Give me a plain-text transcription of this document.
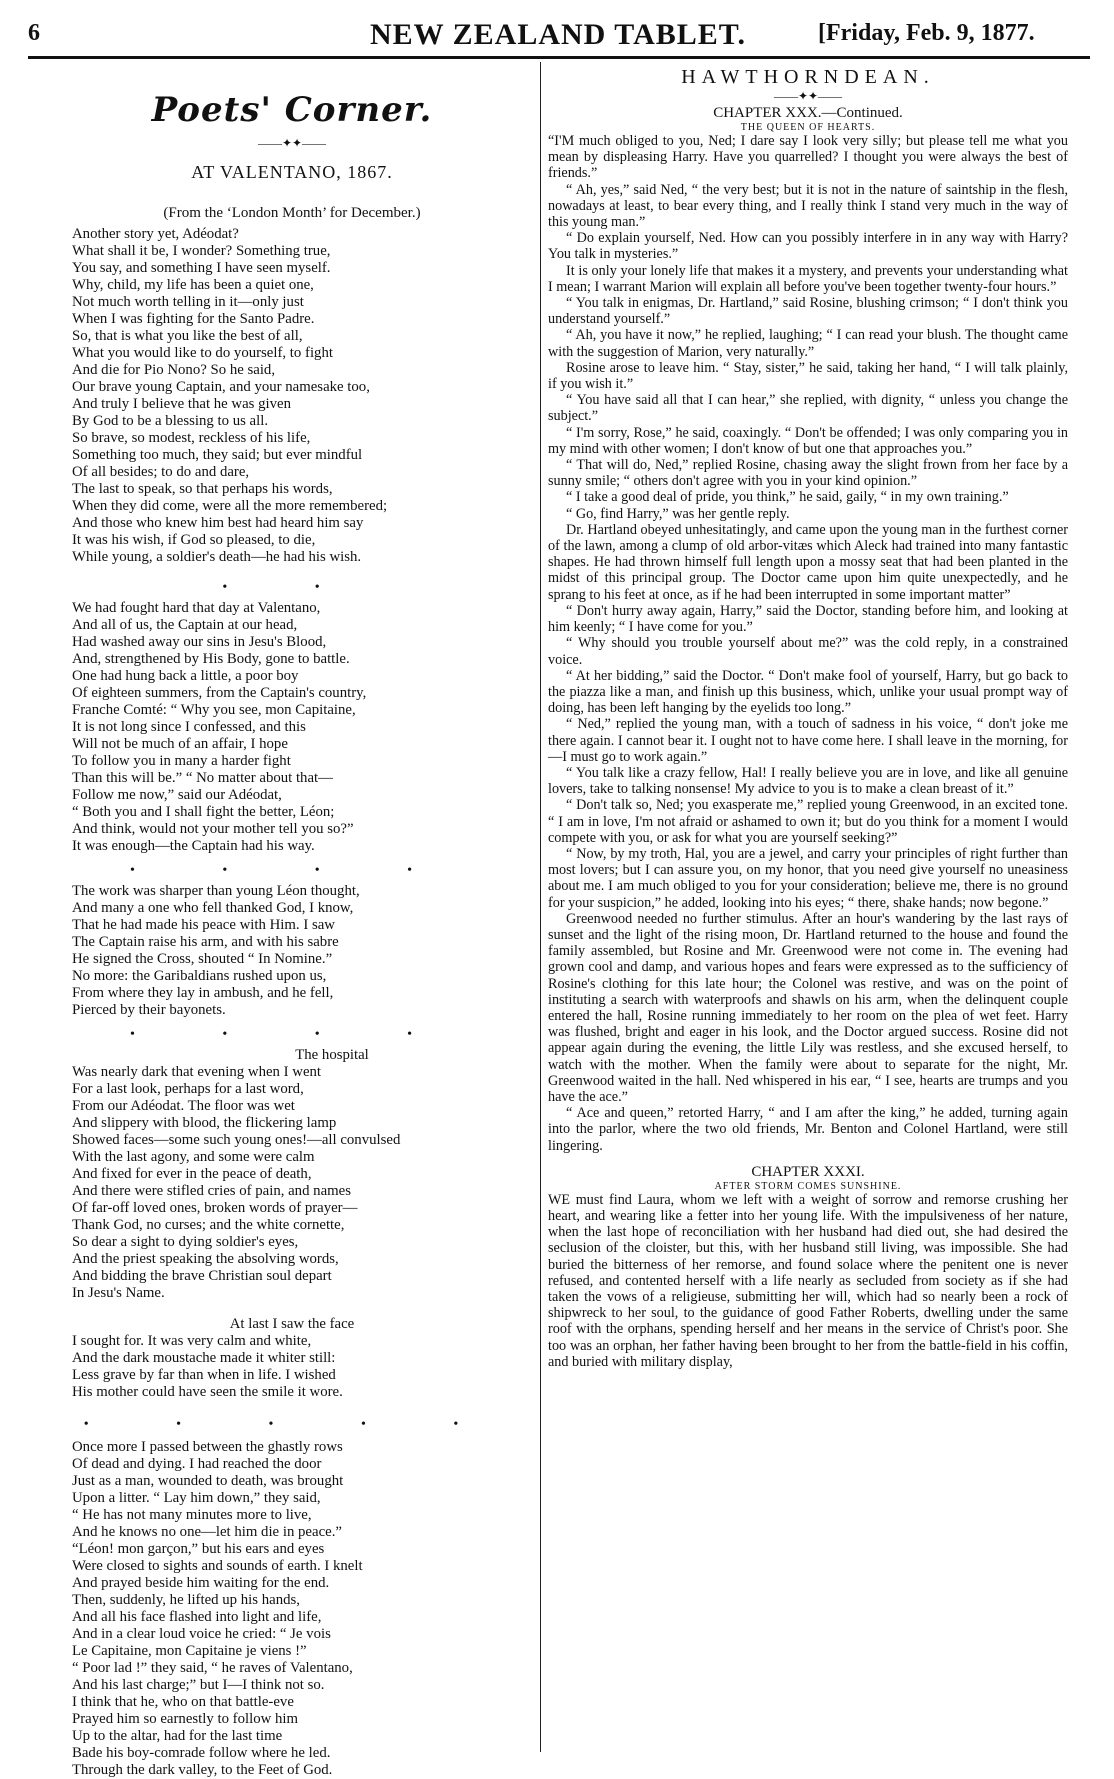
6	NEW ZEALAND TABLET.	[Friday, Feb. 9, 1877.
Poets' Corner.
——✦✦——
AT VALENTANO, 1867.
(From the ‘London Month’ for December.)
Another story yet, Adéodat?
What shall it be, I wonder? Something true,
You say, and something I have seen myself.
Why, child, my life has been a quiet one,
Not much worth telling in it—only just
When I was fighting for the Santo Padre.
So, that is what you like the best of all,
What you would like to do yourself, to fight
And die for Pio Nono? So he said,
Our brave young Captain, and your namesake too,
And truly I believe that he was given
By God to be a blessing to us all.
So brave, so modest, reckless of his life,
Something too much, they said; but ever mindful
Of all besides; to do and dare,
The last to speak, so that perhaps his words,
When they did come, were all the more remembered;
And those who knew him best had heard him say
It was his wish, if God so pleased, to die,
While young, a soldier's death—he had his wish.
• •
We had fought hard that day at Valentano,
And all of us, the Captain at our head,
Had washed away our sins in Jesu's Blood,
And, strengthened by His Body, gone to battle.
One had hung back a little, a poor boy
Of eighteen summers, from the Captain's country,
Franche Comté: “ Why you see, mon Capitaine,
It is not long since I confessed, and this
Will not be much of an affair, I hope
To follow you in many a harder fight
Than this will be.” “ No matter about that—
Follow me now,” said our Adéodat,
“ Both you and I shall fight the better, Léon;
And think, would not your mother tell you so?”
It was enough—the Captain had his way.
• • • •
The work was sharper than young Léon thought,
And many a one who fell thanked God, I know,
That he had made his peace with Him. I saw
The Captain raise his arm, and with his sabre
He signed the Cross, shouted “ In Nomine.”
No more: the Garibaldians rushed upon us,
From where they lay in ambush, and he fell,
Pierced by their bayonets.
• • • •
The hospital
Was nearly dark that evening when I went
For a last look, perhaps for a last word,
From our Adéodat. The floor was wet
And slippery with blood, the flickering lamp
Showed faces—some such young ones!—all convulsed
With the last agony, and some were calm
And fixed for ever in the peace of death,
And there were stifled cries of pain, and names
Of far-off loved ones, broken words of prayer—
Thank God, no curses; and the white cornette,
So dear a sight to dying soldier's eyes,
And the priest speaking the absolving words,
And bidding the brave Christian soul depart
In Jesu's Name.
At last I saw the face
I sought for. It was very calm and white,
And the dark moustache made it whiter still:
Less grave by far than when in life. I wished
His mother could have seen the smile it wore.
• • • • •
Once more I passed between the ghastly rows
Of dead and dying. I had reached the door
Just as a man, wounded to death, was brought
Upon a litter. “ Lay him down,” they said,
“ He has not many minutes more to live,
And he knows no one—let him die in peace.”
“Léon! mon garçon,” but his ears and eyes
Were closed to sights and sounds of earth. I knelt
And prayed beside him waiting for the end.
Then, suddenly, he lifted up his hands,
And all his face flashed into light and life,
And in a clear loud voice he cried: “ Je vois
Le Capitaine, mon Capitaine je viens !”
“ Poor lad !” they said, “ he raves of Valentano,
And his last charge;” but I—I think not so.
I think that he, who on that battle-eve
Prayed him so earnestly to follow him
Up to the altar, had for the last time
Bade his boy-comrade follow where he led.
Through the dark valley, to the Feet of God.
HAWTHORNDEAN.
——✦✦——
CHAPTER XXX.—Continued.
THE QUEEN OF HEARTS.

“I'M much obliged to you, Ned; I dare say I look very silly; but please tell me what you mean by displeasing Harry. Have you quarrelled? I thought you were always the best of friends.”

“ Ah, yes,” said Ned, “ the very best; but it is not in the nature of saintship in the flesh, nowadays at least, to bear every thing, and I really think I stand very much in the way of this young man.”

“ Do explain yourself, Ned. How can you possibly interfere in in any way with Harry? You talk in mysteries.”

It is only your lonely life that makes it a mystery, and prevents your understanding what I mean; I warrant Marion will explain all before you've been together twenty-four hours.”

“ You talk in enigmas, Dr. Hartland,” said Rosine, blushing crimson; “ I don't think you understand yourself.”

“ Ah, you have it now,” he replied, laughing; “ I can read your blush. The thought came with the suggestion of Marion, very naturally.”

Rosine arose to leave him. “ Stay, sister,” he said, taking her hand, “ I will talk plainly, if you wish it.”

“ You have said all that I can hear,” she replied, with dignity, “ unless you change the subject.”

“ I'm sorry, Rose,” he said, coaxingly. “ Don't be offended; I was only comparing you in my mind with other women; I don't know of but one that approaches you.”

“ That will do, Ned,” replied Rosine, chasing away the slight frown from her face by a sunny smile; “ others don't agree with you in your kind opinion.”

“ I take a good deal of pride, you think,” he said, gaily, “ in my own training.”

“ Go, find Harry,” was her gentle reply.

Dr. Hartland obeyed unhesitatingly, and came upon the young man in the furthest corner of the lawn, among a clump of old arbor-vitæs which Aleck had trained into many fantastic shapes. He had thrown himself full length upon a mossy seat that had been planted in the midst of this principal group. The Doctor came upon him quite unexpectedly, and he sprang to his feet at once, as if he had been interrupted in some important matter”

“ Don't hurry away again, Harry,” said the Doctor, standing before him, and looking at him keenly; “ I have come for you.”

“ Why should you trouble yourself about me?” was the cold reply, in a constrained voice.

“ At her bidding,” said the Doctor. “ Don't make fool of yourself, Harry, but go back to the piazza like a man, and finish up this business, which, unlike your usual prompt way of doing, has been left hanging by the eyelids too long.”

“ Ned,” replied the young man, with a touch of sadness in his voice, “ don't joke me there again. I cannot bear it. I ought not to have come here. I shall leave in the morning, for—I must go to work again.”

“ You talk like a crazy fellow, Hal! I really believe you are in love, and like all genuine lovers, take to talking nonsense! My advice to you is to make a clean breast of it.”

“ Don't talk so, Ned; you exasperate me,” replied young Greenwood, in an excited tone. “ I am in love, I'm not afraid or ashamed to own it; but do you think for a moment I would compete with you, or ask for what you are yourself seeking?”

“ Now, by my troth, Hal, you are a jewel, and carry your principles of right further than most lovers; but I can assure you, on my honor, that you need give yourself no uneasiness about me. I am much obliged to you for your consideration; believe me, there is no ground for your suspicion,” he added, looking into his eyes; “ there, shake hands; now begone.”

Greenwood needed no further stimulus. After an hour's wandering by the last rays of sunset and the light of the rising moon, Dr. Hartland returned to the house and found the family assembled, but Rosine and Mr. Greenwood were not come in. The evening had grown cool and damp, and various hopes and fears were expressed as to the sufficiency of Rosine's clothing for this late hour; the Colonel was restive, and was on the point of instituting a search with waterproofs and shawls on his arm, when the delinquent couple entered the hall, Rosine running immediately to her room on the plea of wet feet. Harry was flushed, bright and eager in his look, and the Doctor argued success. Rosine did not appear again during the evening, the little Lily was restless, and she excused herself, to watch with the mother. When the family were about to separate for the night, Mr. Greenwood waited in the hall. Ned whispered in his ear, “ I see, hearts are trumps and you have the ace.”

“ Ace and queen,” retorted Harry, “ and I am after the king,” he added, turning again into the parlor, where the two old friends, Mr. Benton and Colonel Hartland, were still lingering.

CHAPTER XXXI.
AFTER STORM COMES SUNSHINE.

WE must find Laura, whom we left with a weight of sorrow and remorse crushing her heart, and wearing like a fetter into her young life. With the impulsiveness of her nature, when the last hope of reconciliation with her husband had died out, she had desired the seclusion of the cloister, but this, with her husband still living, was impossible. She had buried the bitterness of her remorse, and found solace where the penitent one is never refused, and contented herself with a life nearly as secluded from society as if she had taken the vows of a religieuse, submitting her will, which had so nearly been a rock of shipwreck to her soul, to the guidance of good Father Roberts, dwelling under the same roof with the orphans, spending herself and her means in the service of Christ's poor. She too was an orphan, her father having been brought to her from the battle-field in his coffin, and buried with military display,
